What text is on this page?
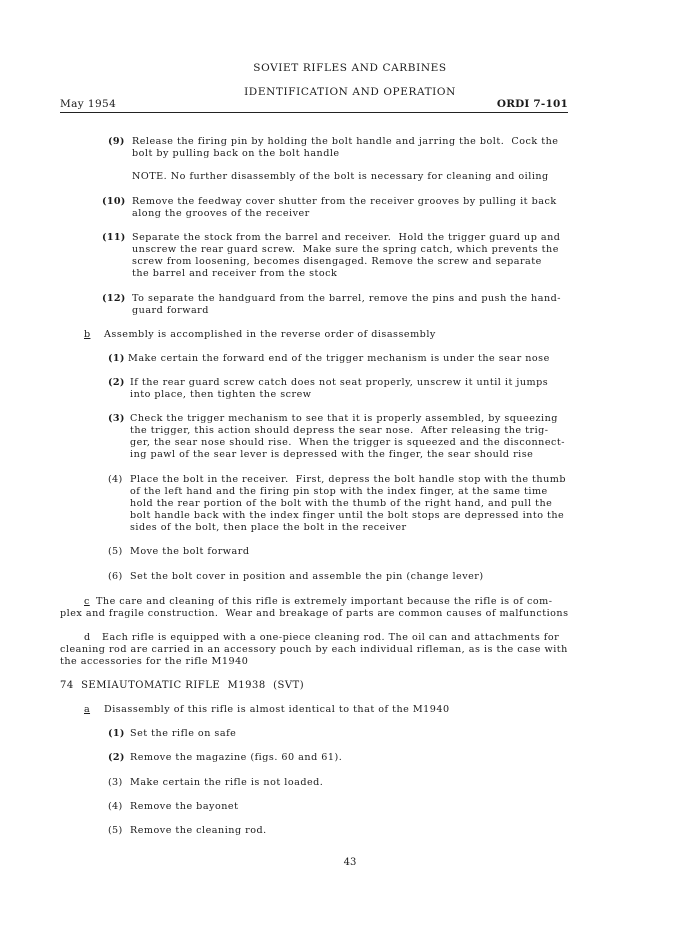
SOVIET RIFLES AND CARBINES
IDENTIFICATION AND OPERATION
May 1954	ORDI 7-101
(9) Release the firing pin by holding the bolt handle and jarring the bolt.  Cock the
bolt by pulling back on the bolt handle
NOTE. No further disassembly of the bolt is necessary for cleaning and oiling
(10) Remove the feedway cover shutter from the receiver grooves by pulling it back
along the grooves of the receiver
(11) Separate the stock from the barrel and receiver.  Hold the trigger guard up and
unscrew the rear guard screw.  Make sure the spring catch, which prevents the
screw from loosening, becomes disengaged. Remove the screw and separate
the barrel and receiver from the stock
(12) To separate the handguard from the barrel, remove the pins and push the hand-
guard forward
b Assembly is accomplished in the reverse order of disassembly
(1) Make certain the forward end of the trigger mechanism is under the sear nose
(2) If the rear guard screw catch does not seat properly, unscrew it until it jumps
into place, then tighten the screw
(3) Check the trigger mechanism to see that it is properly assembled, by squeezing
the trigger, this action should depress the sear nose.  After releasing the trig-
ger, the sear nose should rise.  When the trigger is squeezed and the disconnect-
ing pawl of the sear lever is depressed with the finger, the sear should rise
(4) Place the bolt in the receiver.  First, depress the bolt handle stop with the thumb
of the left hand and the firing pin stop with the index finger, at the same time
hold the rear portion of the bolt with the thumb of the right hand, and pull the
bolt handle back with the index finger until the bolt stops are depressed into the
sides of the bolt, then place the bolt in the receiver
(5) Move the bolt forward
(6) Set the bolt cover in position and assemble the pin (change lever)
c The care and cleaning of this rifle is extremely important because the rifle is of com-
plex and fragile construction.  Wear and breakage of parts are common causes of malfunctions
d	Each rifle is equipped with a one-piece cleaning rod. The oil can and attachments for
cleaning rod are carried in an accessory pouch by each individual rifleman, as is the case with
the accessories for the rifle M1940
74  SEMIAUTOMATIC RIFLE  M1938  (SVT)
a Disassembly of this rifle is almost identical to that of the M1940
(1) Set the rifle on safe
(2) Remove the magazine (figs. 60 and 61).
(3) Make certain the rifle is not loaded.
(4) Remove the bayonet
(5) Remove the cleaning rod.
43
